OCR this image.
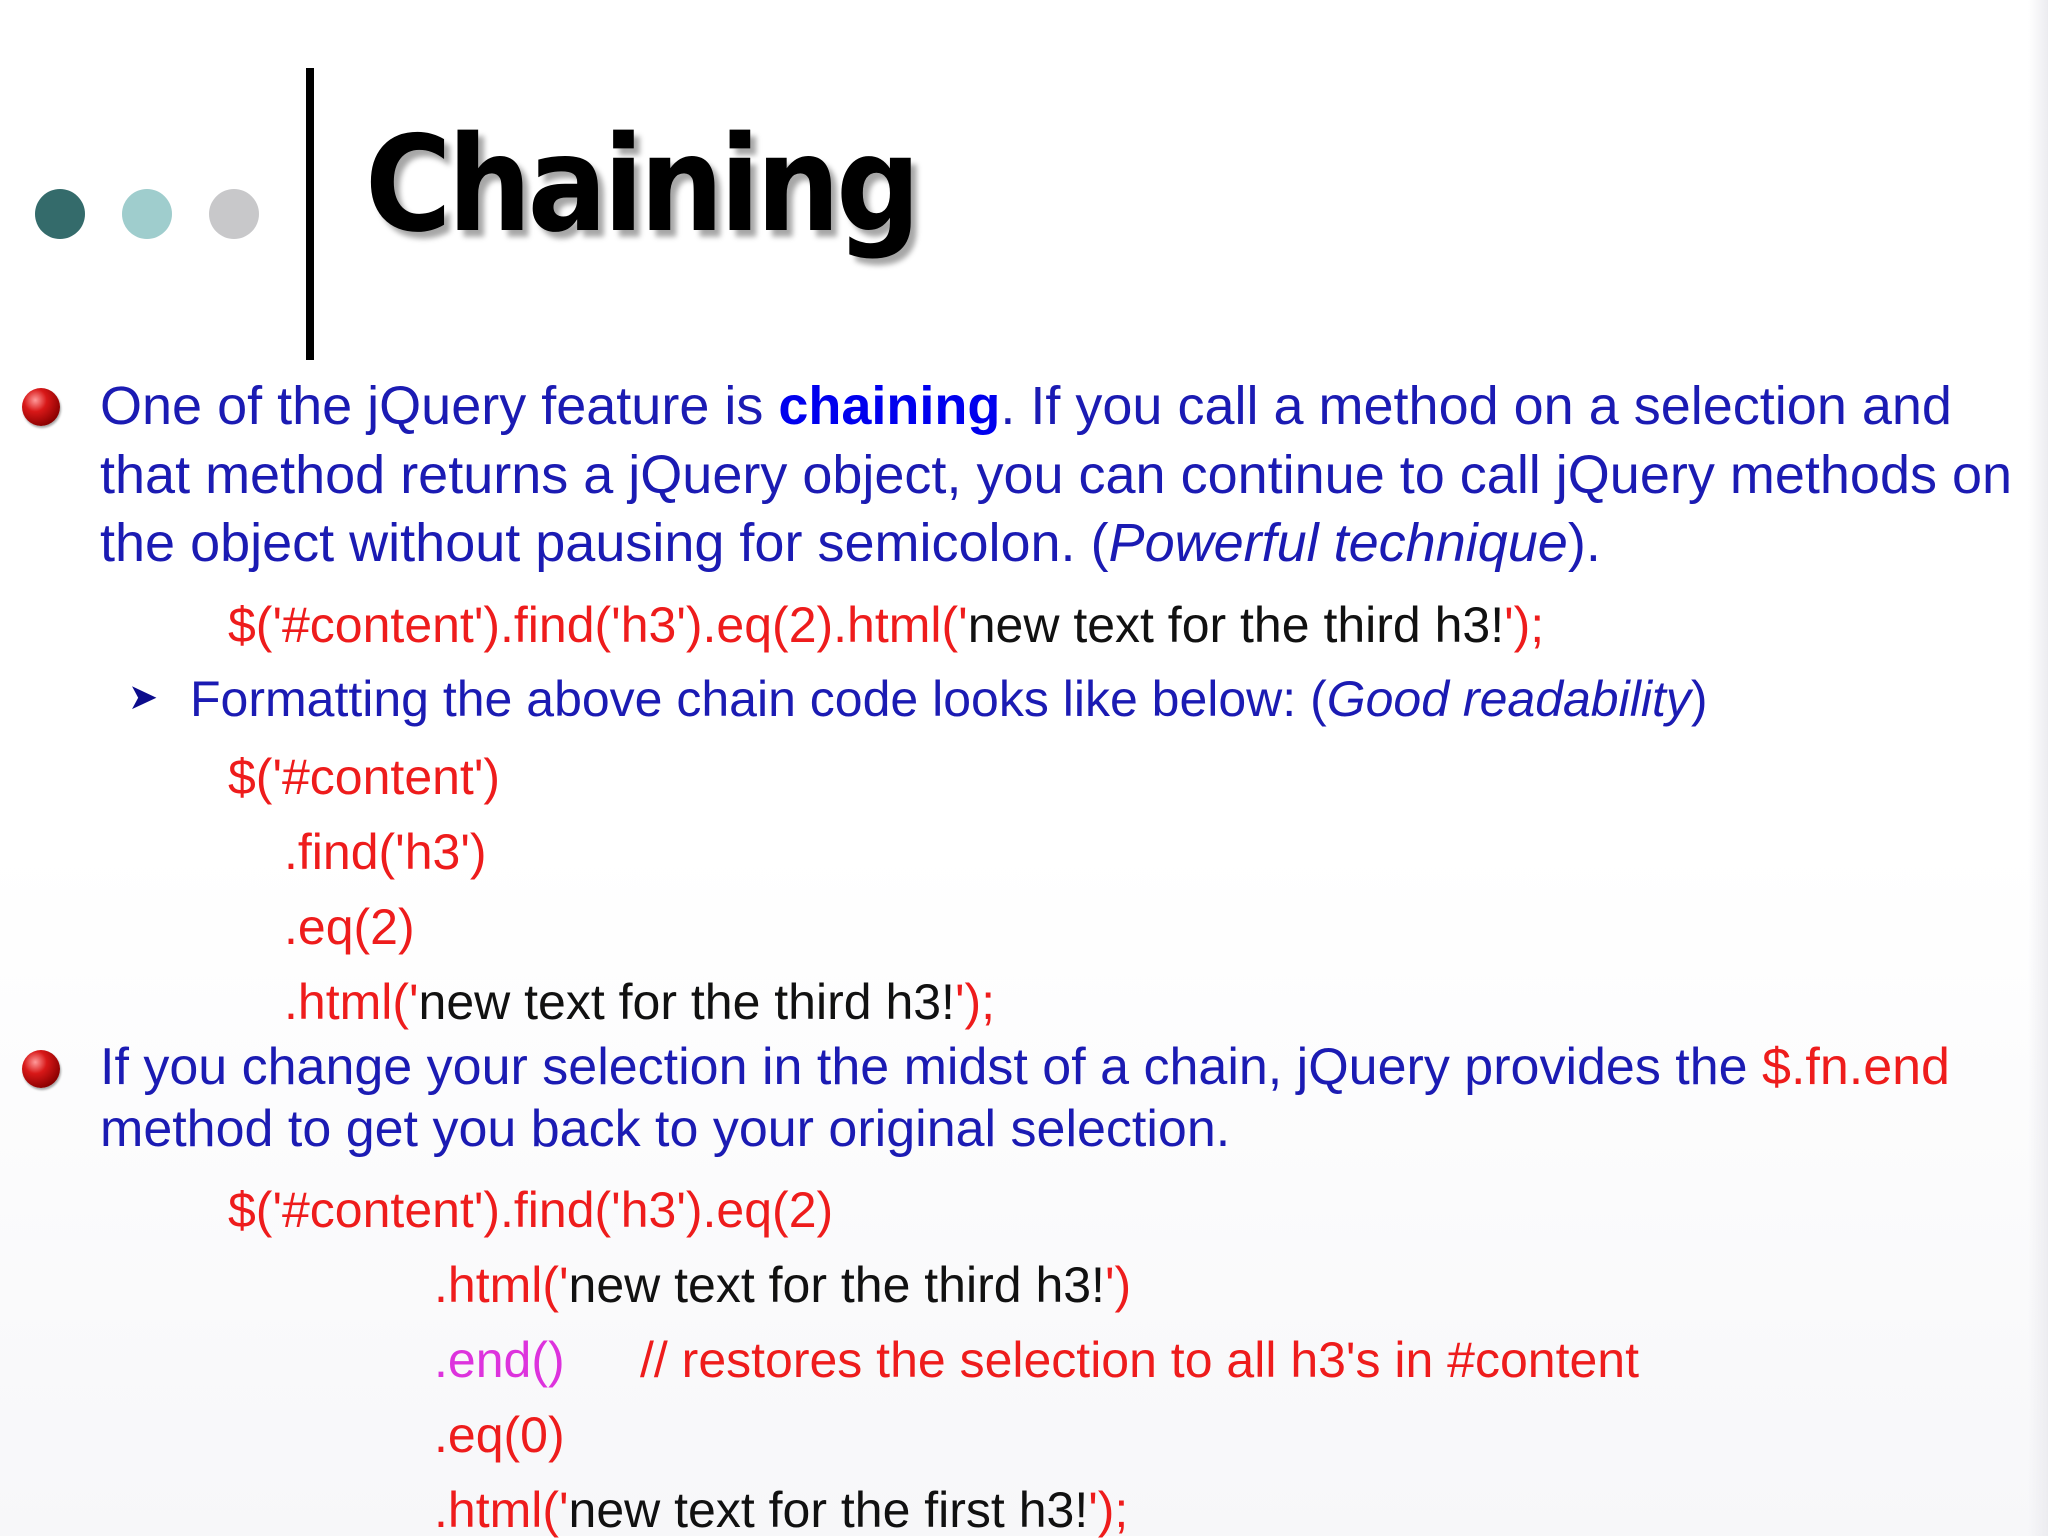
Chaining

One of the jQuery feature is chaining. If you call a method on a selection and that method returns a jQuery object, you can continue to call jQuery methods on the object without pausing for semicolon. (Powerful technique).

$('#content').find('h3').eq(2).html('new text for the third h3!');
➤ Formatting the above chain code looks like below: (Good readability)

$('#content')
.find('h3')
.eq(2)
.html('new text for the third h3!');

If you change your selection in the midst of a chain, jQuery provides the $.fn.end method to get you back to your original selection.

$('#content').find('h3').eq(2)
.html('new text for the third h3!')
.end() // restores the selection to all h3's in #content
.eq(0)
.html('new text for the first h3!');
